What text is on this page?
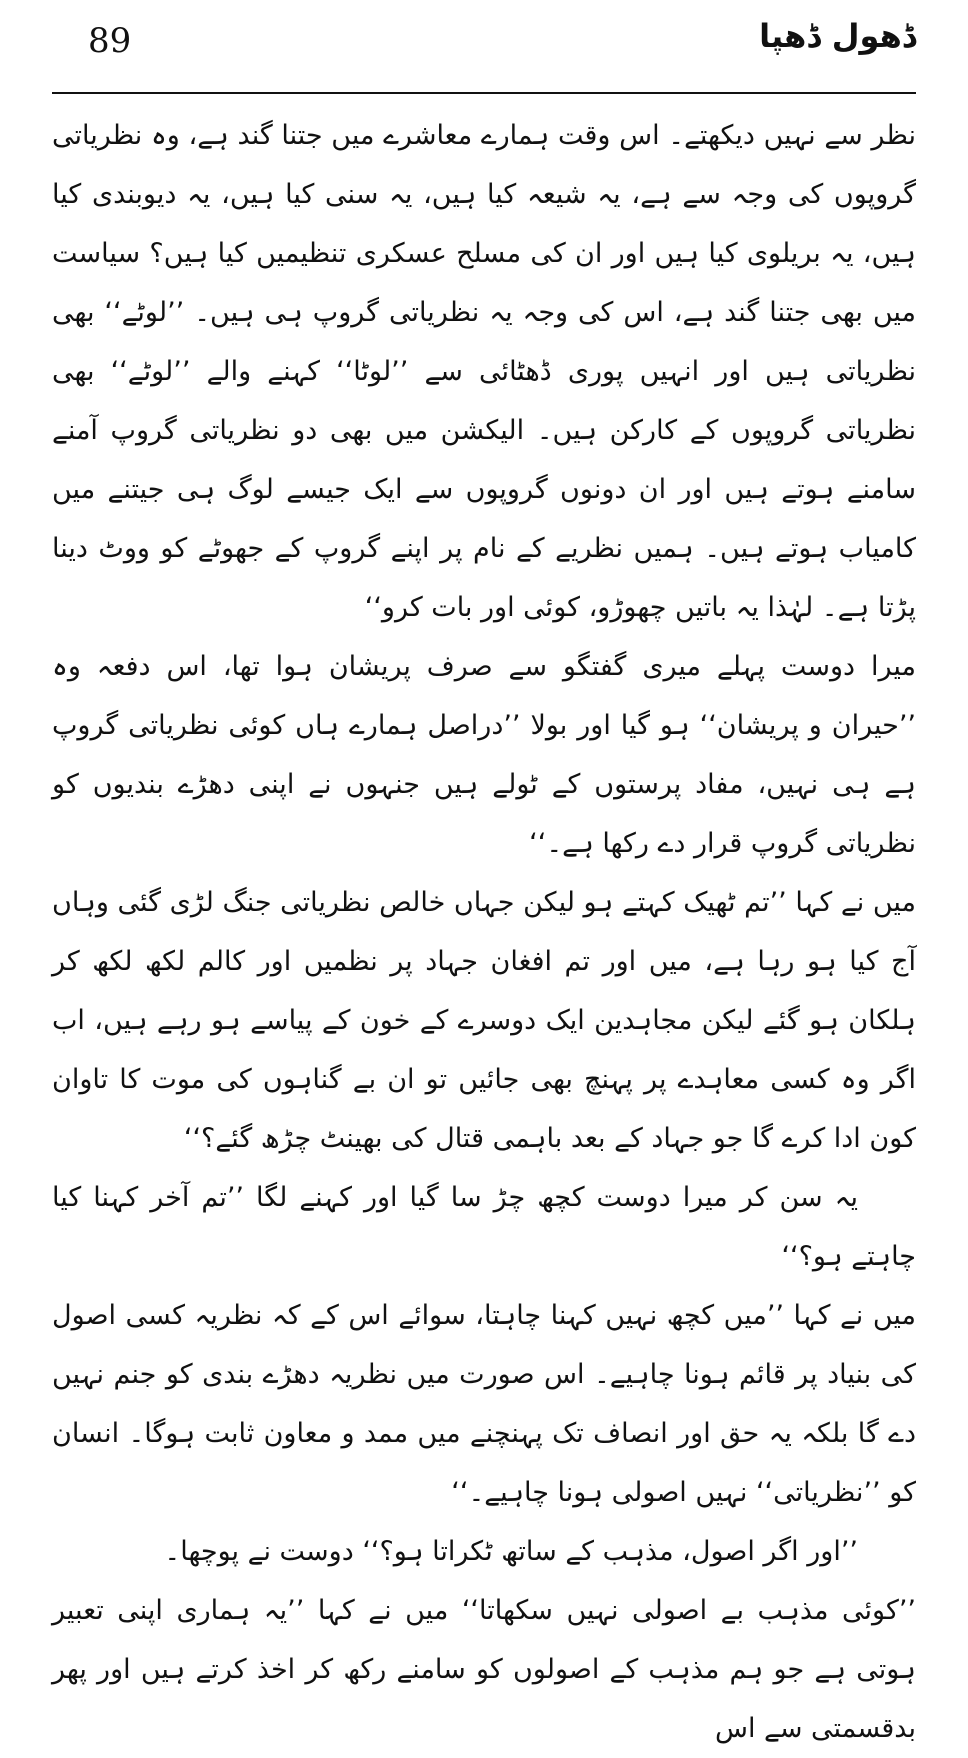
89	ڈھول ڈھپا

نظر سے نہیں دیکھتے۔ اس وقت ہمارے معاشرے میں جتنا گند ہے، وہ نظریاتی گروپوں کی وجہ سے ہے، یہ شیعہ کیا ہیں، یہ سنی کیا ہیں، یہ دیوبندی کیا ہیں، یہ بریلوی کیا ہیں اور ان کی مسلح عسکری تنظیمیں کیا ہیں؟ سیاست میں بھی جتنا گند ہے، اس کی وجہ یہ نظریاتی گروپ ہی ہیں۔ ’’لوٹے‘‘ بھی نظریاتی ہیں اور انہیں پوری ڈھٹائی سے ’’لوٹا‘‘ کہنے والے ’’لوٹے‘‘ بھی نظریاتی گروپوں کے کارکن ہیں۔ الیکشن میں بھی دو نظریاتی گروپ آمنے سامنے ہوتے ہیں اور ان دونوں گروپوں سے ایک جیسے لوگ ہی جیتنے میں کامیاب ہوتے ہیں۔ ہمیں نظریے کے نام پر اپنے گروپ کے جھوٹے کو ووٹ دینا پڑتا ہے۔ لہٰذا یہ باتیں چھوڑو، کوئی اور بات کرو‘‘

میرا دوست پہلے میری گفتگو سے صرف پریشان ہوا تھا، اس دفعہ وہ ’’حیران و پریشان‘‘ ہو گیا اور بولا ’’دراصل ہمارے ہاں کوئی نظریاتی گروپ ہے ہی نہیں، مفاد پرستوں کے ٹولے ہیں جنہوں نے اپنی دھڑے بندیوں کو نظریاتی گروپ قرار دے رکھا ہے۔‘‘

میں نے کہا ’’تم ٹھیک کہتے ہو لیکن جہاں خالص نظریاتی جنگ لڑی گئی وہاں آج کیا ہو رہا ہے، میں اور تم افغان جہاد پر نظمیں اور کالم لکھ لکھ کر ہلکان ہو گئے لیکن مجاہدین ایک دوسرے کے خون کے پیاسے ہو رہے ہیں، اب اگر وہ کسی معاہدے پر پہنچ بھی جائیں تو ان بے گناہوں کی موت کا تاوان کون ادا کرے گا جو جہاد کے بعد باہمی قتال کی بھینٹ چڑھ گئے؟‘‘

یہ سن کر میرا دوست کچھ چڑ سا گیا اور کہنے لگا ’’تم آخر کہنا کیا چاہتے ہو؟‘‘

میں نے کہا ’’میں کچھ نہیں کہنا چاہتا، سوائے اس کے کہ نظریہ کسی اصول کی بنیاد پر قائم ہونا چاہیے۔ اس صورت میں نظریہ دھڑے بندی کو جنم نہیں دے گا بلکہ یہ حق اور انصاف تک پہنچنے میں ممد و معاون ثابت ہوگا۔ انسان کو ’’نظریاتی‘‘ نہیں اصولی ہونا چاہیے۔‘‘

’’اور اگر اصول، مذہب کے ساتھ ٹکراتا ہو؟‘‘ دوست نے پوچھا۔

’’کوئی مذہب بے اصولی نہیں سکھاتا‘‘ میں نے کہا ’’یہ ہماری اپنی تعبیر ہوتی ہے جو ہم مذہب کے اصولوں کو سامنے رکھ کر اخذ کرتے ہیں اور پھر بدقسمتی سے اس
